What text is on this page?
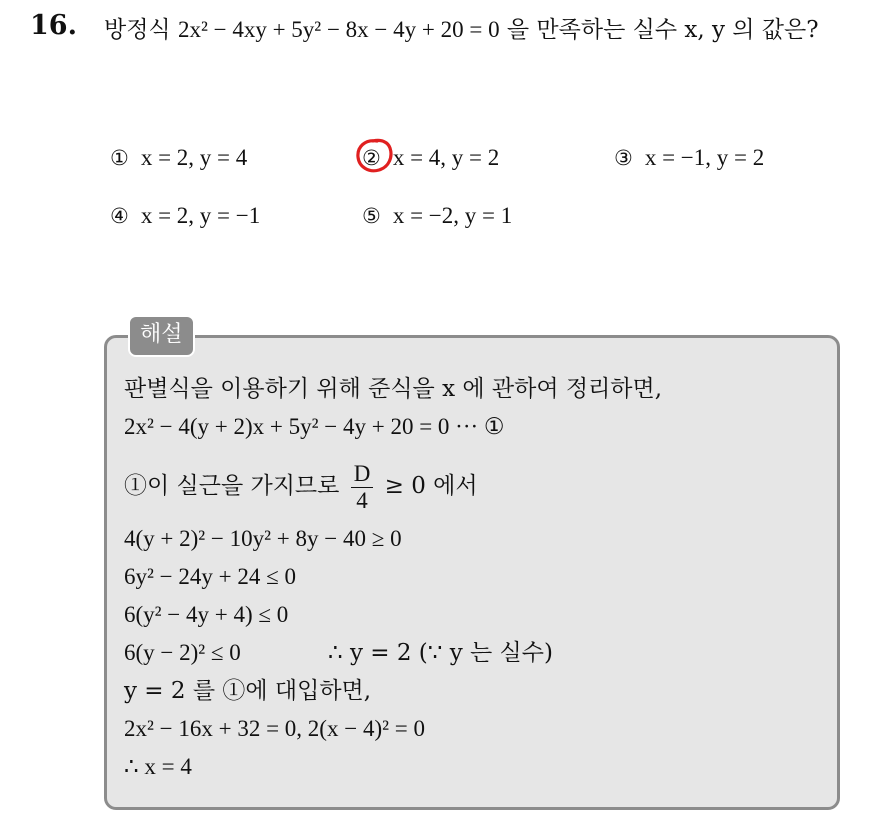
16. 방정식 2x² − 4xy + 5y² − 8x − 4y + 20 = 0 을 만족하는 실수 x, y 의 값은?
① x = 2, y = 4	② x = 4, y = 2	③ x = −1, y = 2
④ x = 2, y = −1	⑤ x = −2, y = 1
해설
판별식을 이용하기 위해 준식을 x 에 관하여 정리하면,
2x² − 4(y + 2)x + 5y² − 4y + 20 = 0 ··· ①
①이 실근을 가지므로 $\frac{D}{4} \ge 0$ 에서
4(y + 2)² − 10y² + 8y − 40 ≥ 0
6y² − 24y + 24 ≤ 0
6(y² − 4y + 4) ≤ 0
6(y − 2)² ≤ 0	∴ y = 2 (∵ y 는 실수)
y = 2 를 ①에 대입하면,
2x² − 16x + 32 = 0, 2(x − 4)² = 0
∴ x = 4
